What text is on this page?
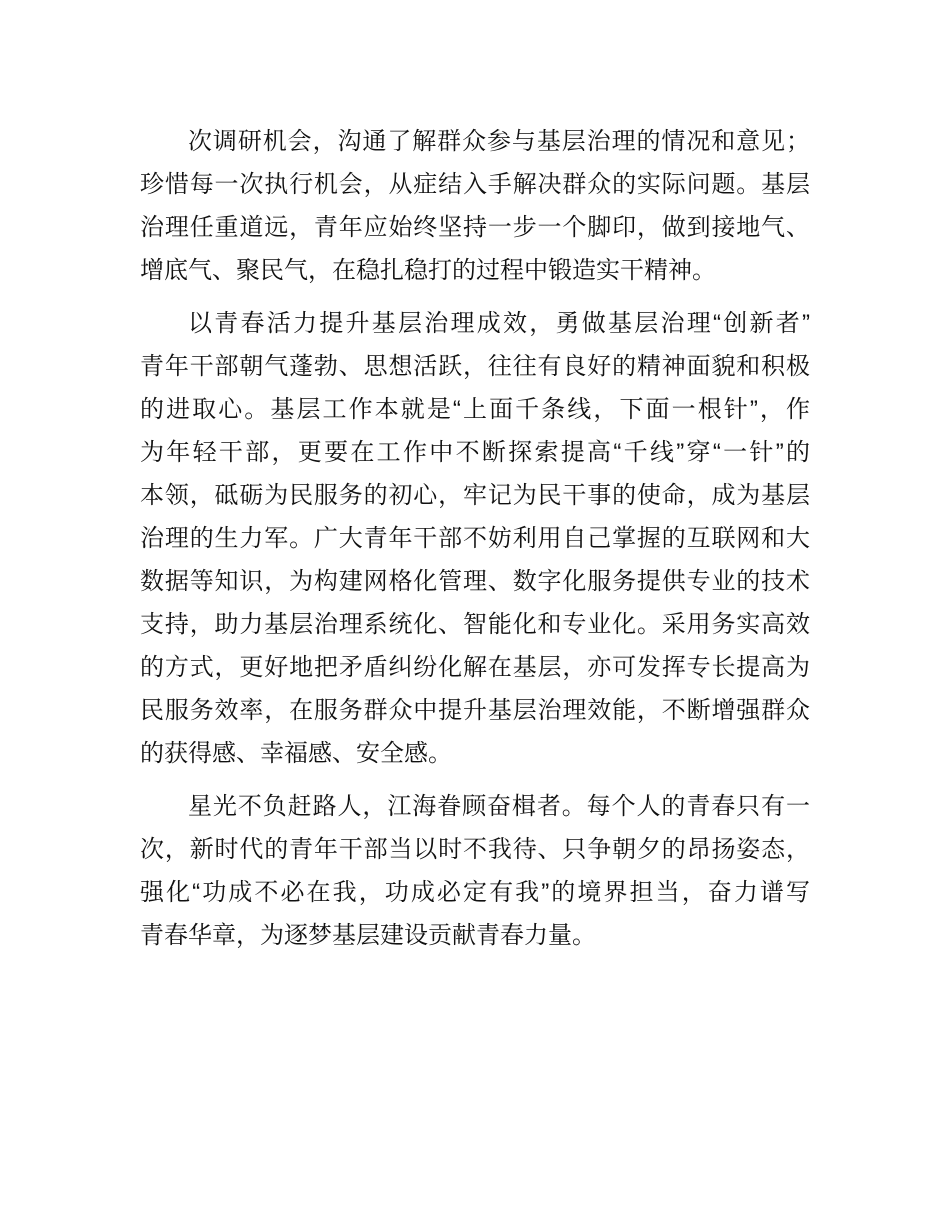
次调研机会，沟通了解群众参与基层治理的情况和意见；
珍惜每一次执行机会，从症结入手解决群众的实际问题。基层
治理任重道远，青年应始终坚持一步一个脚印，做到接地气、
增底气、聚民气，在稳扎稳打的过程中锻造实干精神。
以青春活力提升基层治理成效，勇做基层治理“创新者”
青年干部朝气蓬勃、思想活跃，往往有良好的精神面貌和积极
的进取心。基层工作本就是“上面千条线，下面一根针”，作
为年轻干部，更要在工作中不断探索提高“千线”穿“一针”的
本领，砥砺为民服务的初心，牢记为民干事的使命，成为基层
治理的生力军。广大青年干部不妨利用自己掌握的互联网和大
数据等知识，为构建网格化管理、数字化服务提供专业的技术
支持，助力基层治理系统化、智能化和专业化。采用务实高效
的方式，更好地把矛盾纠纷化解在基层，亦可发挥专长提高为
民服务效率，在服务群众中提升基层治理效能，不断增强群众
的获得感、幸福感、安全感。
星光不负赶路人，江海眷顾奋楫者。每个人的青春只有一
次，新时代的青年干部当以时不我待、只争朝夕的昂扬姿态，
强化“功成不必在我，功成必定有我”的境界担当，奋力谱写
青春华章，为逐梦基层建设贡献青春力量。
